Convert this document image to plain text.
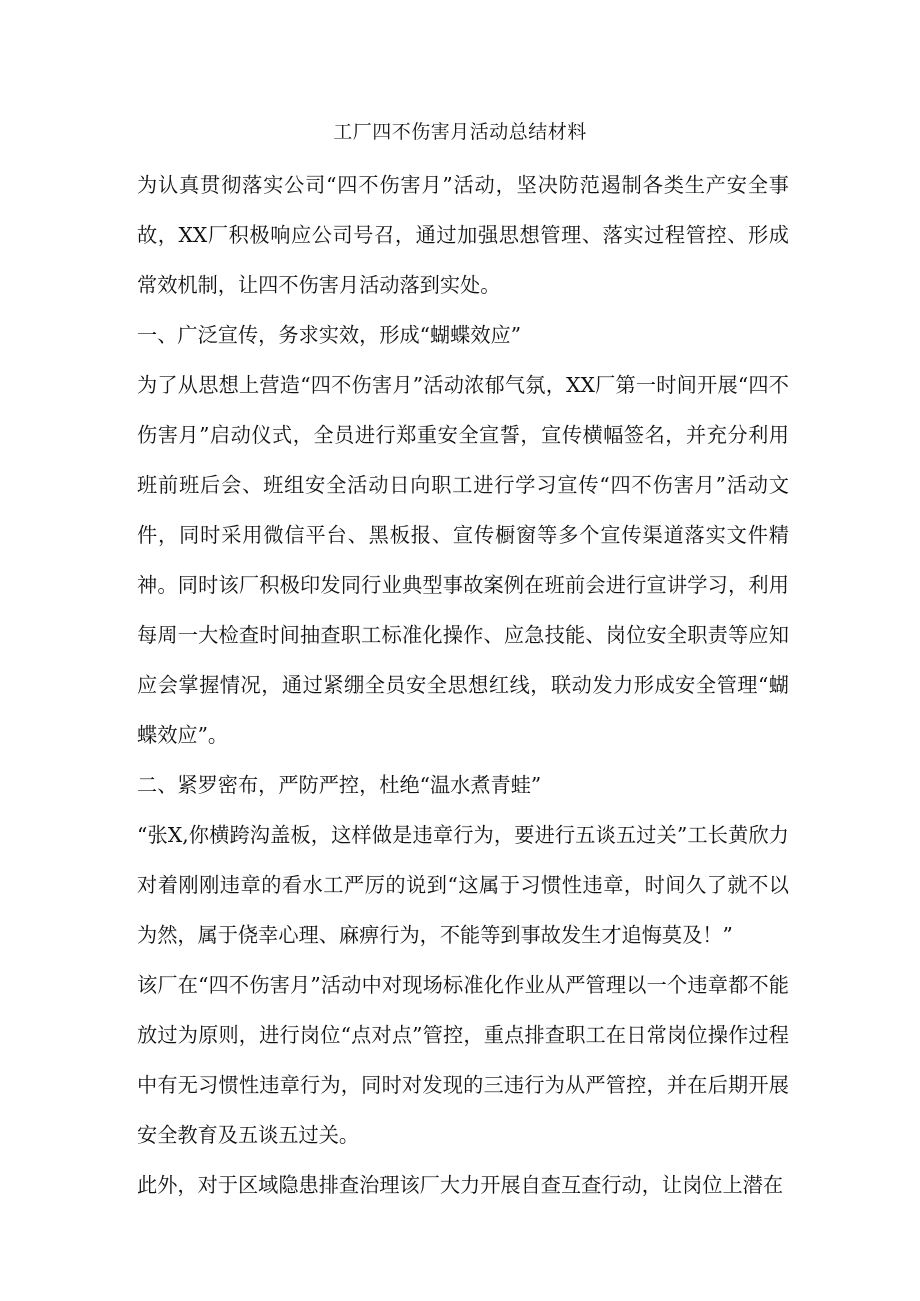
工厂四不伤害月活动总结材料

为认真贯彻落实公司“四不伤害月”活动，坚决防范遏制各类生产安全事故，XX厂积极响应公司号召，通过加强思想管理、落实过程管控、形成常效机制，让四不伤害月活动落到实处。

一、广泛宣传，务求实效，形成“蝴蝶效应”

为了从思想上营造“四不伤害月”活动浓郁气氛，XX厂第一时间开展“四不伤害月”启动仪式，全员进行郑重安全宣誓，宣传横幅签名，并充分利用班前班后会、班组安全活动日向职工进行学习宣传“四不伤害月”活动文件，同时采用微信平台、黑板报、宣传橱窗等多个宣传渠道落实文件精神。同时该厂积极印发同行业典型事故案例在班前会进行宣讲学习，利用每周一大检查时间抽查职工标准化操作、应急技能、岗位安全职责等应知应会掌握情况，通过紧绷全员安全思想红线，联动发力形成安全管理“蝴蝶效应”。

二、紧罗密布，严防严控，杜绝“温水煮青蛙”

“张X,你横跨沟盖板，这样做是违章行为，要进行五谈五过关”工长黄欣力对着刚刚违章的看水工严厉的说到“这属于习惯性违章，时间久了就不以为然，属于侥幸心理、麻痹行为，不能等到事故发生才追悔莫及！”

该厂在“四不伤害月”活动中对现场标准化作业从严管理以一个违章都不能放过为原则，进行岗位“点对点”管控，重点排查职工在日常岗位操作过程中有无习惯性违章行为，同时对发现的三违行为从严管控，并在后期开展安全教育及五谈五过关。

此外，对于区域隐患排查治理该厂大力开展自查互查行动，让岗位上潜在
